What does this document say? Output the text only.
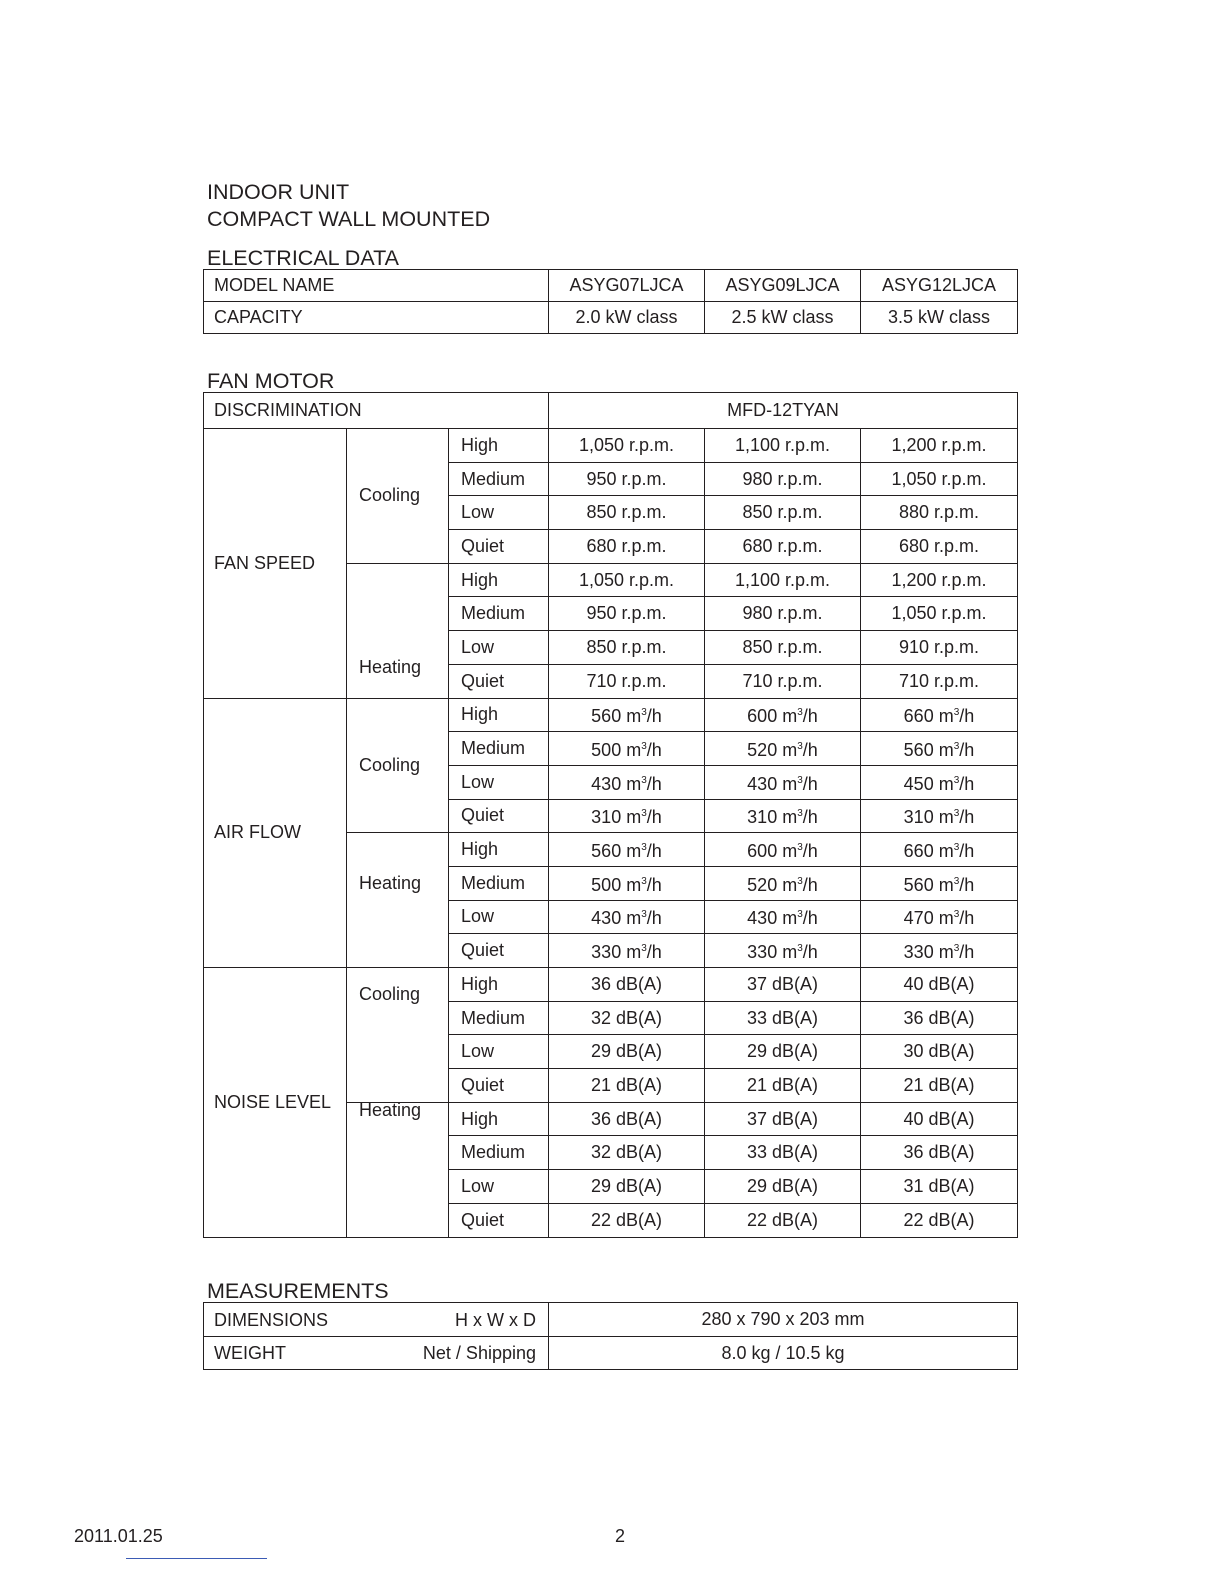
INDOOR UNIT
COMPACT WALL MOUNTED
ELECTRICAL DATA
MODEL NAME	ASYG07LJCA	ASYG09LJCA	ASYG12LJCA
CAPACITY	2.0 kW class	2.5 kW class	3.5 kW class
FAN MOTOR
DISCRIMINATION			MFD-12TYAN		
FAN SPEED	Cooling	High	1,050 r.p.m.	1,100 r.p.m.	1,200 r.p.m.
		Medium	950 r.p.m.	980 r.p.m.	1,050 r.p.m.
		Low	850 r.p.m.	850 r.p.m.	880 r.p.m.
		Quiet	680 r.p.m.	680 r.p.m.	680 r.p.m.
	Heating	High	1,050 r.p.m.	1,100 r.p.m.	1,200 r.p.m.
		Medium	950 r.p.m.	980 r.p.m.	1,050 r.p.m.
		Low	850 r.p.m.	850 r.p.m.	910 r.p.m.
		Quiet	710 r.p.m.	710 r.p.m.	710 r.p.m.
AIR FLOW	Cooling	High	560 $m^3/h$	600 $m^3/h$	660 $m^3/h$
		Medium	500 $m^3/h$	520 $m^3/h$	560 $m^3/h$
		Low	430 $m^3/h$	430 $m^3/h$	450 $m^3/h$
		Quiet	310 $m^3/h$	310 $m^3/h$	310 $m^3/h$
	Heating	High	560 $m^3/h$	600 $m^3/h$	660 $m^3/h$
		Medium	500 $m^3/h$	520 $m^3/h$	560 $m^3/h$
		Low	430 $m^3/h$	430 $m^3/h$	470 $m^3/h$
		Quiet	330 $m^3/h$	330 $m^3/h$	330 $m^3/h$
NOISE LEVEL	Cooling	High	36 dB(A)	37 dB(A)	40 dB(A)
		Medium	32 dB(A)	33 dB(A)	36 dB(A)
		Low	29 dB(A)	29 dB(A)	30 dB(A)
		Quiet	21 dB(A)	21 dB(A)	21 dB(A)
	Heating	High	36 dB(A)	37 dB(A)	40 dB(A)
		Medium	32 dB(A)	33 dB(A)	36 dB(A)
		Low	29 dB(A)	29 dB(A)	31 dB(A)
		Quiet	22 dB(A)	22 dB(A)	22 dB(A)
MEASUREMENTS
DIMENSIONS H x W x D	280 x 790 x 203 mm

WEIGHT Net / Shipping	8.0 kg / 10.5 kg
2011.01.25	2
